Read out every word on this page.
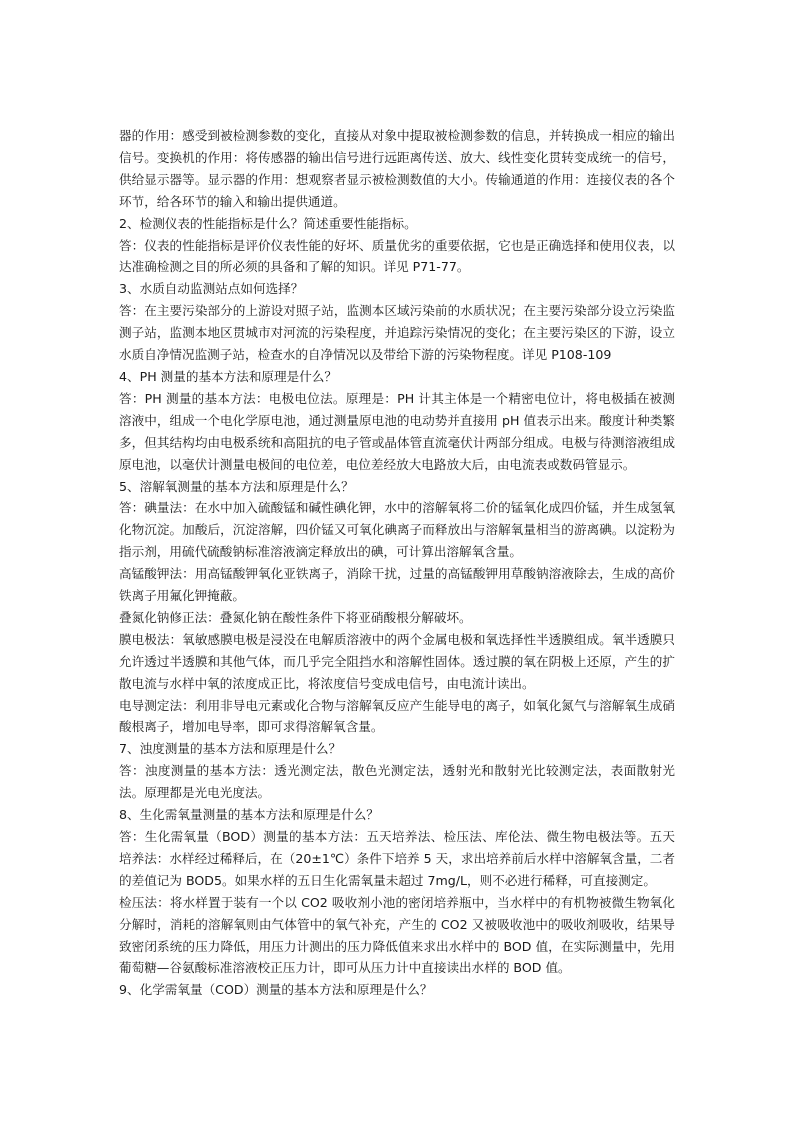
器的作用：感受到被检测参数的变化，直接从对象中提取被检测参数的信息，并转换成一相应的输出信号。变换机的作用：将传感器的输出信号进行远距离传送、放大、线性变化贯转变成统一的信号，供给显示器等。显示器的作用：想观察者显示被检测数值的大小。传输通道的作用：连接仪表的各个环节，给各环节的输入和输出提供通道。

2、检测仪表的性能指标是什么？简述重要性能指标。

答：仪表的性能指标是评价仪表性能的好坏、质量优劣的重要依据，它也是正确选择和使用仪表，以达准确检测之目的所必须的具备和了解的知识。详见 P71-77。

3、水质自动监测站点如何选择？

答：在主要污染部分的上游设对照子站，监测本区域污染前的水质状况；在主要污染部分设立污染监测子站，监测本地区贯城市对河流的污染程度，并追踪污染情况的变化；在主要污染区的下游，设立水质自净情况监测子站，检查水的自净情况以及带给下游的污染物程度。详见 P108-109

4、PH 测量的基本方法和原理是什么？

答：PH 测量的基本方法：电极电位法。原理是：PH 计其主体是一个精密电位计，将电极插在被测溶液中，组成一个电化学原电池，通过测量原电池的电动势并直接用 pH 值表示出来。酸度计种类繁多，但其结构均由电极系统和高阻抗的电子管或晶体管直流毫伏计两部分组成。电极与待测溶液组成原电池，以毫伏计测量电极间的电位差，电位差经放大电路放大后，由电流表或数码管显示。

5、溶解氧测量的基本方法和原理是什么？

答：碘量法：在水中加入硫酸锰和碱性碘化钾，水中的溶解氧将二价的锰氧化成四价锰，并生成氢氧化物沉淀。加酸后，沉淀溶解，四价锰又可氧化碘离子而释放出与溶解氧量相当的游离碘。以淀粉为指示剂，用硫代硫酸钠标准溶液滴定释放出的碘，可计算出溶解氧含量。

高锰酸钾法：用高锰酸钾氧化亚铁离子，消除干扰，过量的高锰酸钾用草酸钠溶液除去，生成的高价铁离子用氟化钾掩蔽。

叠氮化钠修正法：叠氮化钠在酸性条件下将亚硝酸根分解破坏。

膜电极法：氧敏感膜电极是浸没在电解质溶液中的两个金属电极和氧选择性半透膜组成。氧半透膜只允许透过半透膜和其他气体，而几乎完全阻挡水和溶解性固体。透过膜的氧在阴极上还原，产生的扩散电流与水样中氧的浓度成正比，将浓度信号变成电信号，由电流计读出。

电导测定法：利用非导电元素或化合物与溶解氧反应产生能导电的离子，如氧化氮气与溶解氧生成硝酸根离子，增加电导率，即可求得溶解氧含量。

7、浊度测量的基本方法和原理是什么？

答：浊度测量的基本方法：透光测定法，散色光测定法，透射光和散射光比较测定法，表面散射光法。原理都是光电光度法。

8、生化需氧量测量的基本方法和原理是什么？

答：生化需氧量（BOD）测量的基本方法：五天培养法、检压法、库伦法、微生物电极法等。五天培养法：水样经过稀释后，在（20±1℃）条件下培养 5 天，求出培养前后水样中溶解氧含量，二者的差值记为 BOD5。如果水样的五日生化需氧量未超过 7mg/L，则不必进行稀释，可直接测定。

检压法：将水样置于装有一个以 CO2 吸收剂小池的密闭培养瓶中，当水样中的有机物被微生物氧化分解时，消耗的溶解氧则由气体管中的氧气补充，产生的 CO2 又被吸收池中的吸收剂吸收，结果导致密闭系统的压力降低，用压力计测出的压力降低值来求出水样中的 BOD 值，在实际测量中，先用葡萄糖—谷氨酸标准溶液校正压力计，即可从压力计中直接读出水样的 BOD 值。

9、化学需氧量（COD）测量的基本方法和原理是什么？
